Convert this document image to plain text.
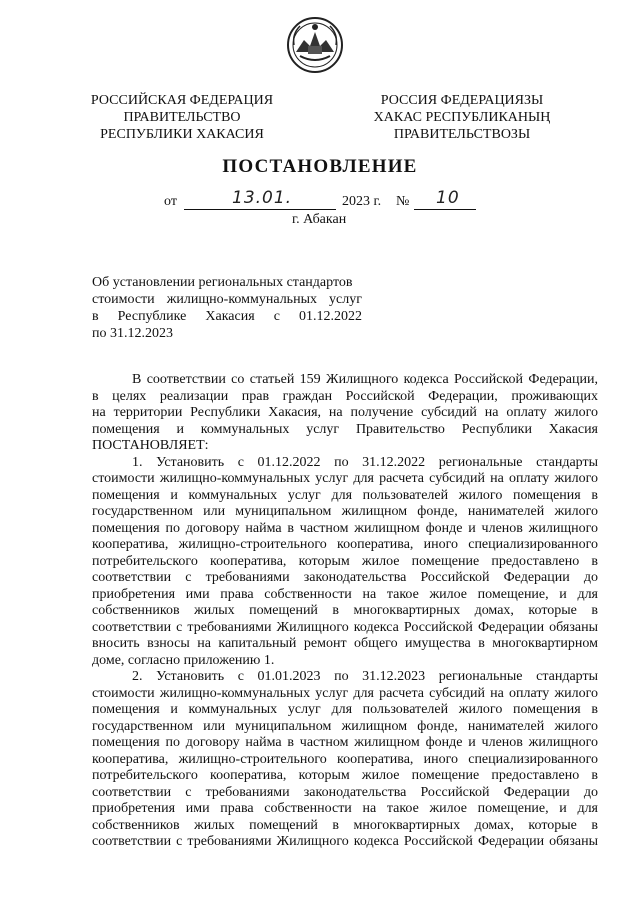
РОССИЙСКАЯ ФЕДЕРАЦИЯ
ПРАВИТЕЛЬСТВО
РЕСПУБЛИКИ ХАКАСИЯ
РОССИЯ ФЕДЕРАЦИЯЗЫ
ХАКАС РЕСПУБЛИКАНЫҢ
ПРАВИТЕЛЬСТВОЗЫ
ПОСТАНОВЛЕНИЕ
от	13.01.	2023 г. № 10
г. Абакан
Об установлении региональных стандартов
стоимости жилищно-коммунальных услуг
в Республике Хакасия с 01.12.2022
по 31.12.2023
В соответствии со статьей 159 Жилищного кодекса Российской Федерации,
в целях реализации прав граждан Российской Федерации, проживающих
на территории Республики Хакасия, на получение субсидий на оплату жилого
помещения и коммунальных услуг Правительство Республики Хакасия
ПОСТАНОВЛЯЕТ:
1. Установить с 01.12.2022 по 31.12.2022 региональные стандарты
стоимости жилищно-коммунальных услуг для расчета субсидий на оплату жилого
помещения и коммунальных услуг для пользователей жилого помещения в
государственном или муниципальном жилищном фонде, нанимателей жилого
помещения по договору найма в частном жилищном фонде и членов жилищного
кооператива, жилищно-строительного кооператива, иного специализированного
потребительского кооператива, которым жилое помещение предоставлено в
соответствии с требованиями законодательства Российской Федерации до
приобретения ими права собственности на такое жилое помещение, и для
собственников жилых помещений в многоквартирных домах, которые в
соответствии с требованиями Жилищного кодекса Российской Федерации обязаны
вносить взносы на капитальный ремонт общего имущества в многоквартирном
доме, согласно приложению 1.
2. Установить с 01.01.2023 по 31.12.2023 региональные стандарты
стоимости жилищно-коммунальных услуг для расчета субсидий на оплату жилого
помещения и коммунальных услуг для пользователей жилого помещения в
государственном или муниципальном жилищном фонде, нанимателей жилого
помещения по договору найма в частном жилищном фонде и членов жилищного
кооператива, жилищно-строительного кооператива, иного специализированного
потребительского кооператива, которым жилое помещение предоставлено в
соответствии с требованиями законодательства Российской Федерации до
приобретения ими права собственности на такое жилое помещение, и для
собственников жилых помещений в многоквартирных домах, которые в
соответствии с требованиями Жилищного кодекса Российской Федерации обязаны
